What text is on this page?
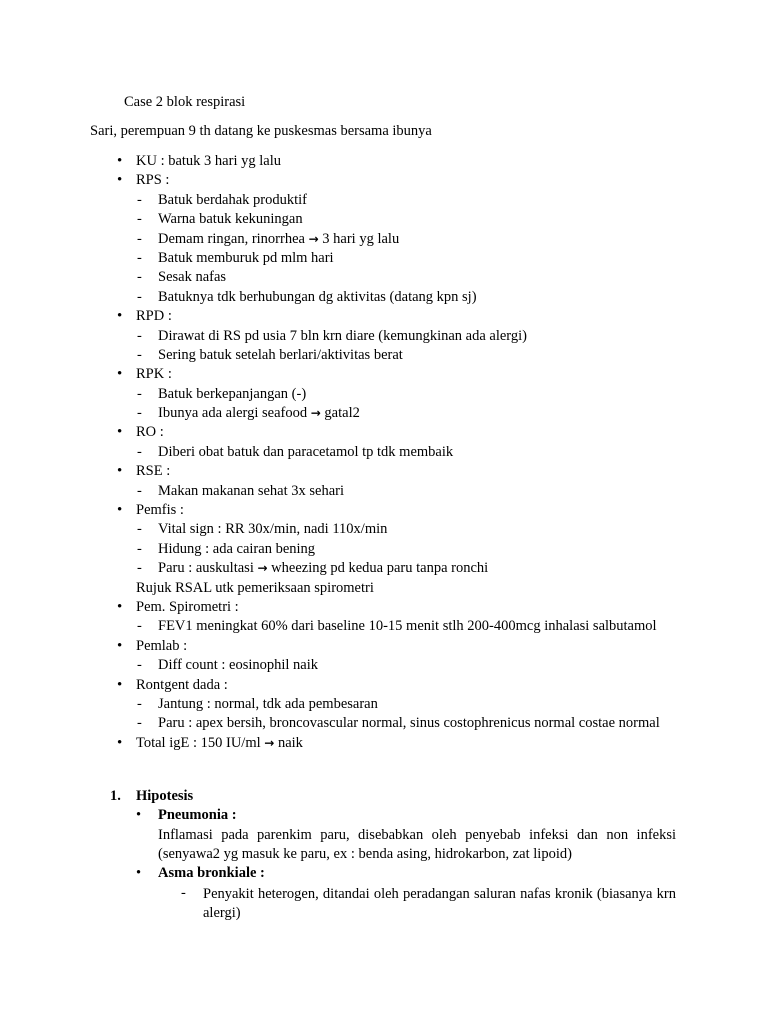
Case 2 blok respirasi
Sari, perempuan 9 th datang ke puskesmas bersama ibunya
• KU : batuk 3 hari yg lalu
• RPS :
- Batuk berdahak produktif
- Warna batuk kekuningan
- Demam ringan, rinorrhea → 3 hari yg lalu
- Batuk memburuk pd mlm hari
- Sesak nafas
- Batuknya tdk berhubungan dg aktivitas (datang kpn sj)
• RPD :
- Dirawat di RS pd usia 7 bln krn diare (kemungkinan ada alergi)
- Sering batuk setelah berlari/aktivitas berat
• RPK :
- Batuk berkepanjangan (-)
- Ibunya ada alergi seafood → gatal2
• RO :
- Diberi obat batuk dan paracetamol tp tdk membaik
• RSE :
- Makan makanan sehat 3x sehari
• Pemfis :
- Vital sign : RR 30x/min, nadi 110x/min
- Hidung : ada cairan bening
- Paru : auskultasi → wheezing pd kedua paru tanpa ronchi
Rujuk RSAL utk pemeriksaan spirometri
• Pem. Spirometri :
- FEV1 meningkat 60% dari baseline 10-15 menit stlh 200-400mcg inhalasi salbutamol
• Pemlab :
- Diff count : eosinophil naik
• Rontgent dada :
- Jantung : normal, tdk ada pembesaran
- Paru : apex bersih, broncovascular normal, sinus costophrenicus normal costae normal
• Total igE : 150 IU/ml → naik
1. Hipotesis
• Pneumonia :
Inflamasi pada parenkim paru, disebabkan oleh penyebab infeksi dan non infeksi (senyawa2 yg masuk ke paru, ex : benda asing, hidrokarbon, zat lipoid)
• Asma bronkiale :
- Penyakit heterogen, ditandai oleh peradangan saluran nafas kronik (biasanya krn alergi)
